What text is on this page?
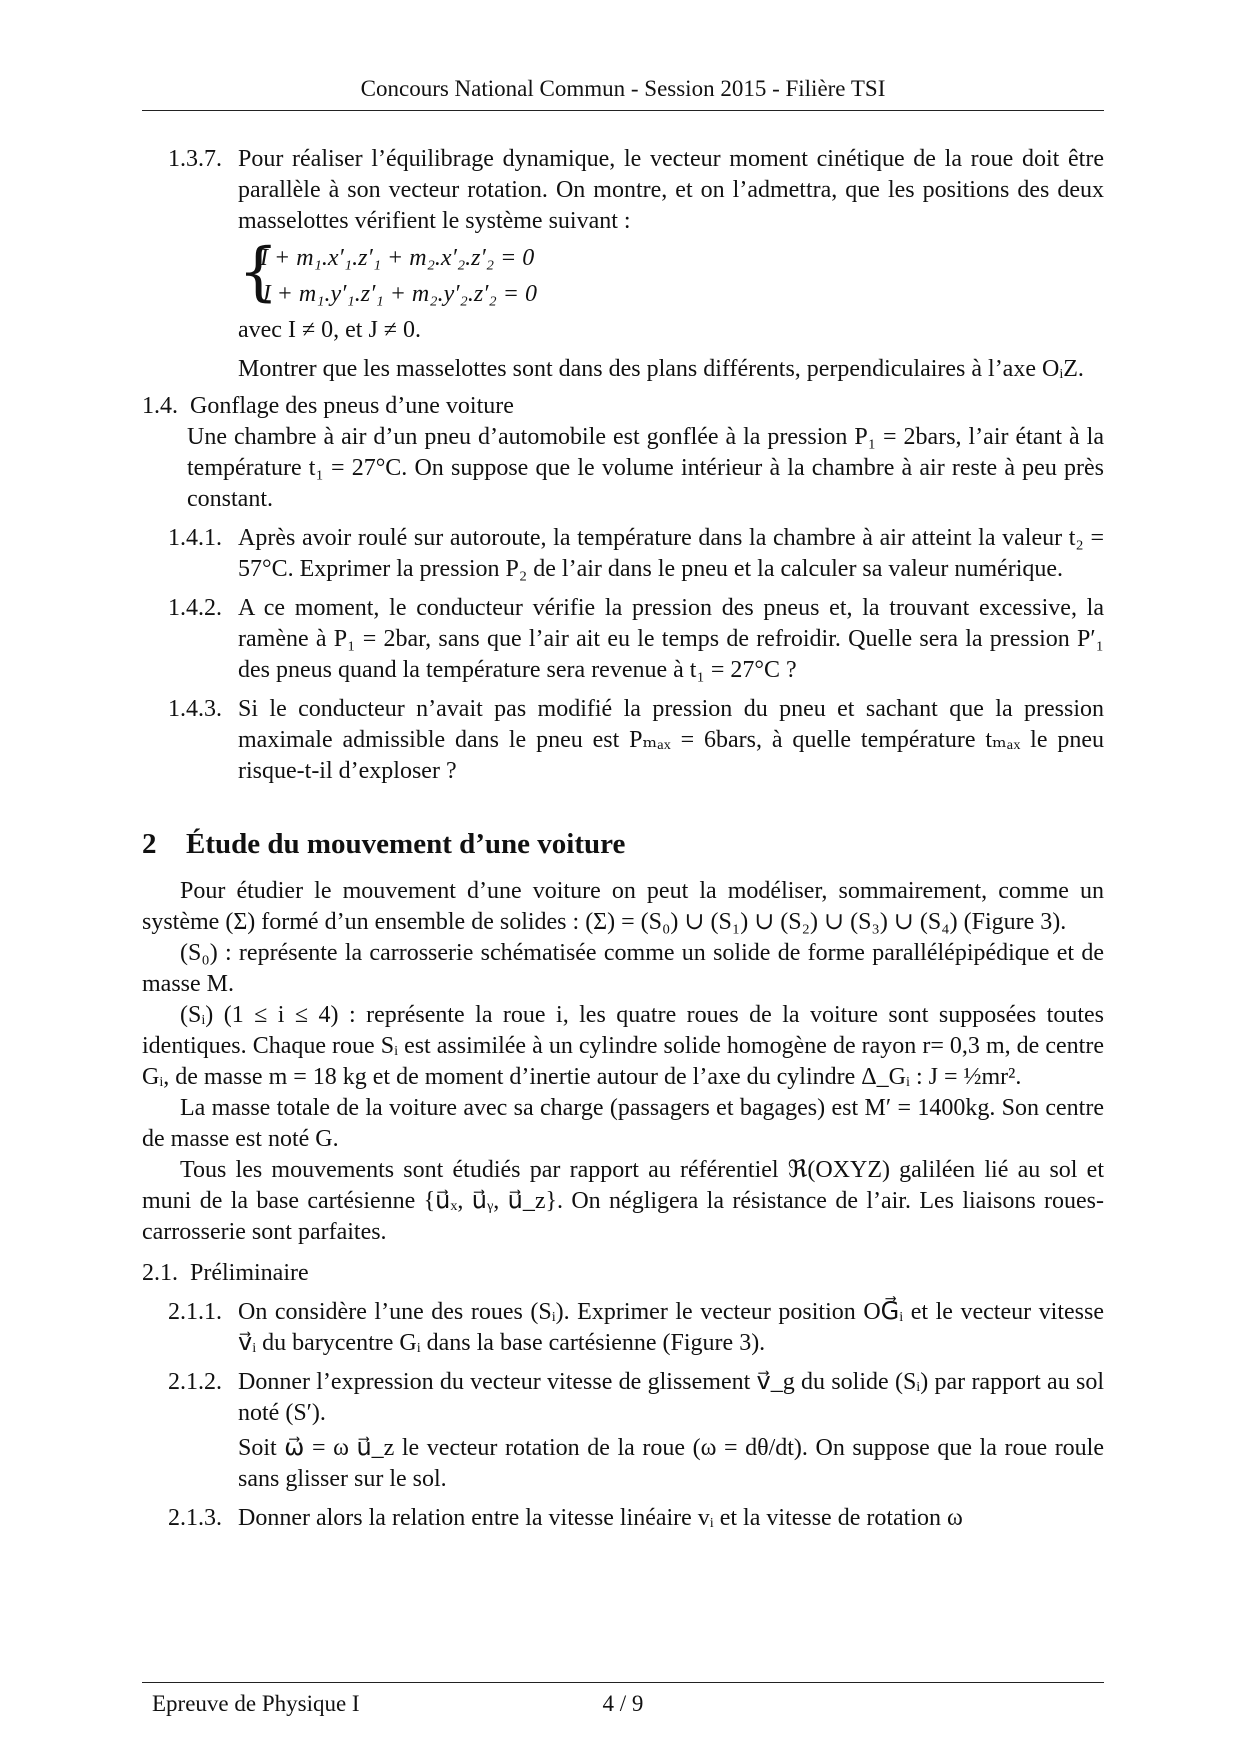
Concours National Commun - Session 2015 - Filière TSI
1.3.7. Pour réaliser l’équilibrage dynamique, le vecteur moment cinétique de la roue doit être parallèle à son vecteur rotation. On montre, et on l’admettra, que les positions des deux masselottes vérifient le système suivant :
{
I + m₁.x′₁.z′₁ + m₂.x′₂.z′₂ = 0
J + m₁.y′₁.z′₁ + m₂.y′₂.z′₂ = 0
avec I ≠ 0, et J ≠ 0.
Montrer que les masselottes sont dans des plans différents, perpendiculaires à l’axe OᵢZ.
1.4. Gonflage des pneus d’une voiture
Une chambre à air d’un pneu d’automobile est gonflée à la pression P₁ = 2bars, l’air étant à la température t₁ = 27°C. On suppose que le volume intérieur à la chambre à air reste à peu près constant.
1.4.1. Après avoir roulé sur autoroute, la température dans la chambre à air atteint la valeur t₂ = 57°C. Exprimer la pression P₂ de l’air dans le pneu et la calculer sa valeur numérique.
1.4.2. A ce moment, le conducteur vérifie la pression des pneus et, la trouvant excessive, la ramène à P₁ = 2bar, sans que l’air ait eu le temps de refroidir. Quelle sera la pression P′₁ des pneus quand la température sera revenue à t₁ = 27°C ?
1.4.3. Si le conducteur n’avait pas modifié la pression du pneu et sachant que la pression maximale admissible dans le pneu est Pₘₐₓ = 6bars, à quelle température tₘₐₓ le pneu risque-t-il d’exploser ?
2 Étude du mouvement d’une voiture

Pour étudier le mouvement d’une voiture on peut la modéliser, sommairement, comme un système (Σ) formé d’un ensemble de solides : (Σ) = (S₀) ∪ (S₁) ∪ (S₂) ∪ (S₃) ∪ (S₄) (Figure 3).

(S₀) : représente la carrosserie schématisée comme un solide de forme parallélépipédique et de masse M.

(Sᵢ) (1 ≤ i ≤ 4) : représente la roue i, les quatre roues de la voiture sont supposées toutes identiques. Chaque roue Sᵢ est assimilée à un cylindre solide homogène de rayon r= 0,3 m, de centre Gᵢ, de masse m = 18 kg et de moment d’inertie autour de l’axe du cylindre Δ_Gᵢ : J = ½mr².

La masse totale de la voiture avec sa charge (passagers et bagages) est M′ = 1400kg. Son centre de masse est noté G.

Tous les mouvements sont étudiés par rapport au référentiel ℜ(OXYZ) galiléen lié au sol et muni de la base cartésienne {u⃗ₓ, u⃗ᵧ, u⃗_z}. On négligera la résistance de l’air. Les liaisons roues-carrosserie sont parfaites.

2.1. Préliminaire
2.1.1. On considère l’une des roues (Sᵢ). Exprimer le vecteur position OG⃗ᵢ et le vecteur vitesse v⃗ᵢ du barycentre Gᵢ dans la base cartésienne (Figure 3).
2.1.2. Donner l’expression du vecteur vitesse de glissement v⃗_g du solide (Sᵢ) par rapport au sol noté (S′).
Soit ω⃗ = ω u⃗_z le vecteur rotation de la roue (ω = dθ/dt). On suppose que la roue roule sans glisser sur le sol.
2.1.3. Donner alors la relation entre la vitesse linéaire vᵢ et la vitesse de rotation ω
Epreuve de Physique I	4 / 9
